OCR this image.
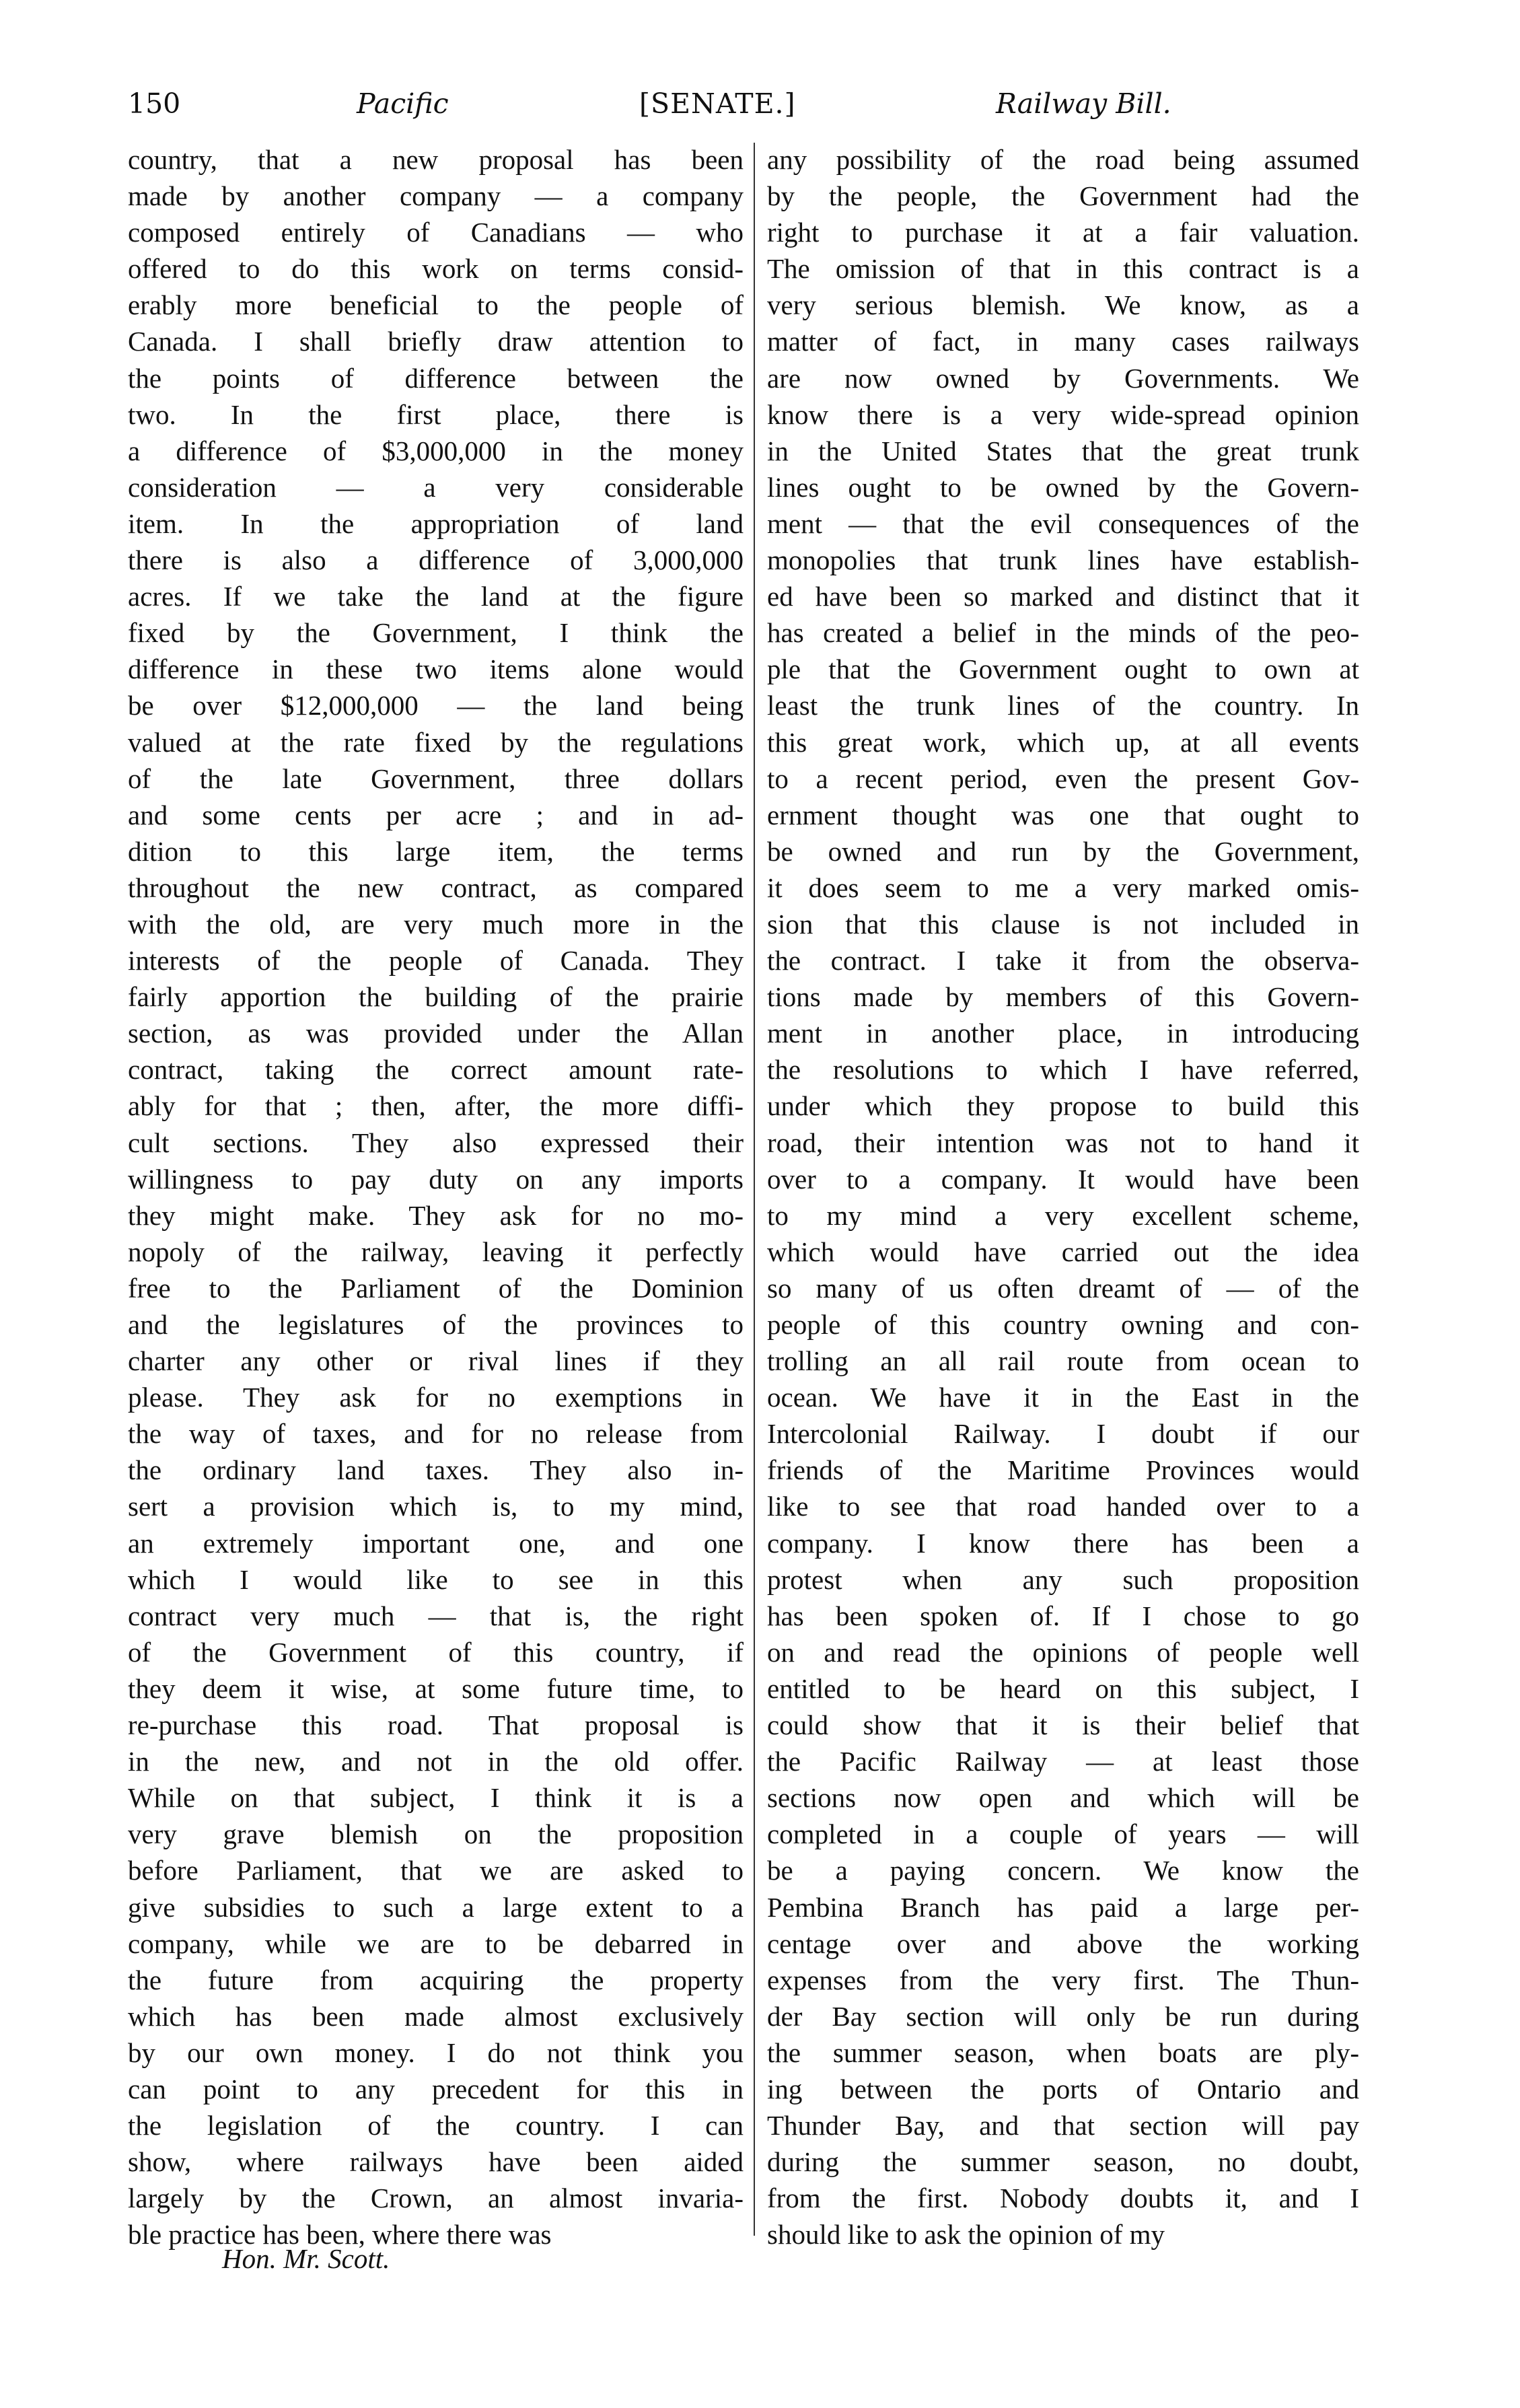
150	Pacific	[SENATE.]	Railway Bill.

country, that a new proposal has been

made by another company — a company

composed entirely of Canadians — who

offered to do this work on terms consid-

erably more beneficial to the people of

Canada. I shall briefly draw attention to

the points of difference between the

two. In the first place, there is

a difference of $3,000,000 in the money

consideration — a very considerable

item. In the appropriation of land

there is also a difference of 3,000,000

acres. If we take the land at the figure

fixed by the Government, I think the

difference in these two items alone would

be over $12,000,000 — the land being

valued at the rate fixed by the regulations

of the late Government, three dollars

and some cents per acre ; and in ad-

dition to this large item, the terms

throughout the new contract, as compared

with the old, are very much more in the

interests of the people of Canada. They

fairly apportion the building of the prairie

section, as was provided under the Allan

contract, taking the correct amount rate-

ably for that ; then, after, the more diffi-

cult sections. They also expressed their

willingness to pay duty on any imports

they might make. They ask for no mo-

nopoly of the railway, leaving it perfectly

free to the Parliament of the Dominion

and the legislatures of the provinces to

charter any other or rival lines if they

please. They ask for no exemptions in

the way of taxes, and for no release from

the ordinary land taxes. They also in-

sert a provision which is, to my mind,

an extremely important one, and one

which I would like to see in this

contract very much — that is, the right

of the Government of this country, if

they deem it wise, at some future time, to

re-purchase this road. That proposal is

in the new, and not in the old offer.

While on that subject, I think it is a

very grave blemish on the proposition

before Parliament, that we are asked to

give subsidies to such a large extent to a

company, while we are to be debarred in

the future from acquiring the property

which has been made almost exclusively

by our own money. I do not think you

can point to any precedent for this in

the legislation of the country. I can

show, where railways have been aided

largely by the Crown, an almost invaria-

ble practice has been, where there was

any possibility of the road being assumed

by the people, the Government had the

right to purchase it at a fair valuation.

The omission of that in this contract is a

very serious blemish. We know, as a

matter of fact, in many cases railways

are now owned by Governments. We

know there is a very wide-spread opinion

in the United States that the great trunk

lines ought to be owned by the Govern-

ment — that the evil consequences of the

monopolies that trunk lines have establish-

ed have been so marked and distinct that it

has created a belief in the minds of the peo-

ple that the Government ought to own at

least the trunk lines of the country. In

this great work, which up, at all events

to a recent period, even the present Gov-

ernment thought was one that ought to

be owned and run by the Government,

it does seem to me a very marked omis-

sion that this clause is not included in

the contract. I take it from the observa-

tions made by members of this Govern-

ment in another place, in introducing

the resolutions to which I have referred,

under which they propose to build this

road, their intention was not to hand it

over to a company. It would have been

to my mind a very excellent scheme,

which would have carried out the idea

so many of us often dreamt of — of the

people of this country owning and con-

trolling an all rail route from ocean to

ocean. We have it in the East in the

Intercolonial Railway. I doubt if our

friends of the Maritime Provinces would

like to see that road handed over to a

company. I know there has been a

protest when any such proposition

has been spoken of. If I chose to go

on and read the opinions of people well

entitled to be heard on this subject, I

could show that it is their belief that

the Pacific Railway — at least those

sections now open and which will be

completed in a couple of years — will

be a paying concern. We know the

Pembina Branch has paid a large per-

centage over and above the working

expenses from the very first. The Thun-

der Bay section will only be run during

the summer season, when boats are ply-

ing between the ports of Ontario and

Thunder Bay, and that section will pay

during the summer season, no doubt,

from the first. Nobody doubts it, and I

should like to ask the opinion of my

Hon. Mr. Scott.
